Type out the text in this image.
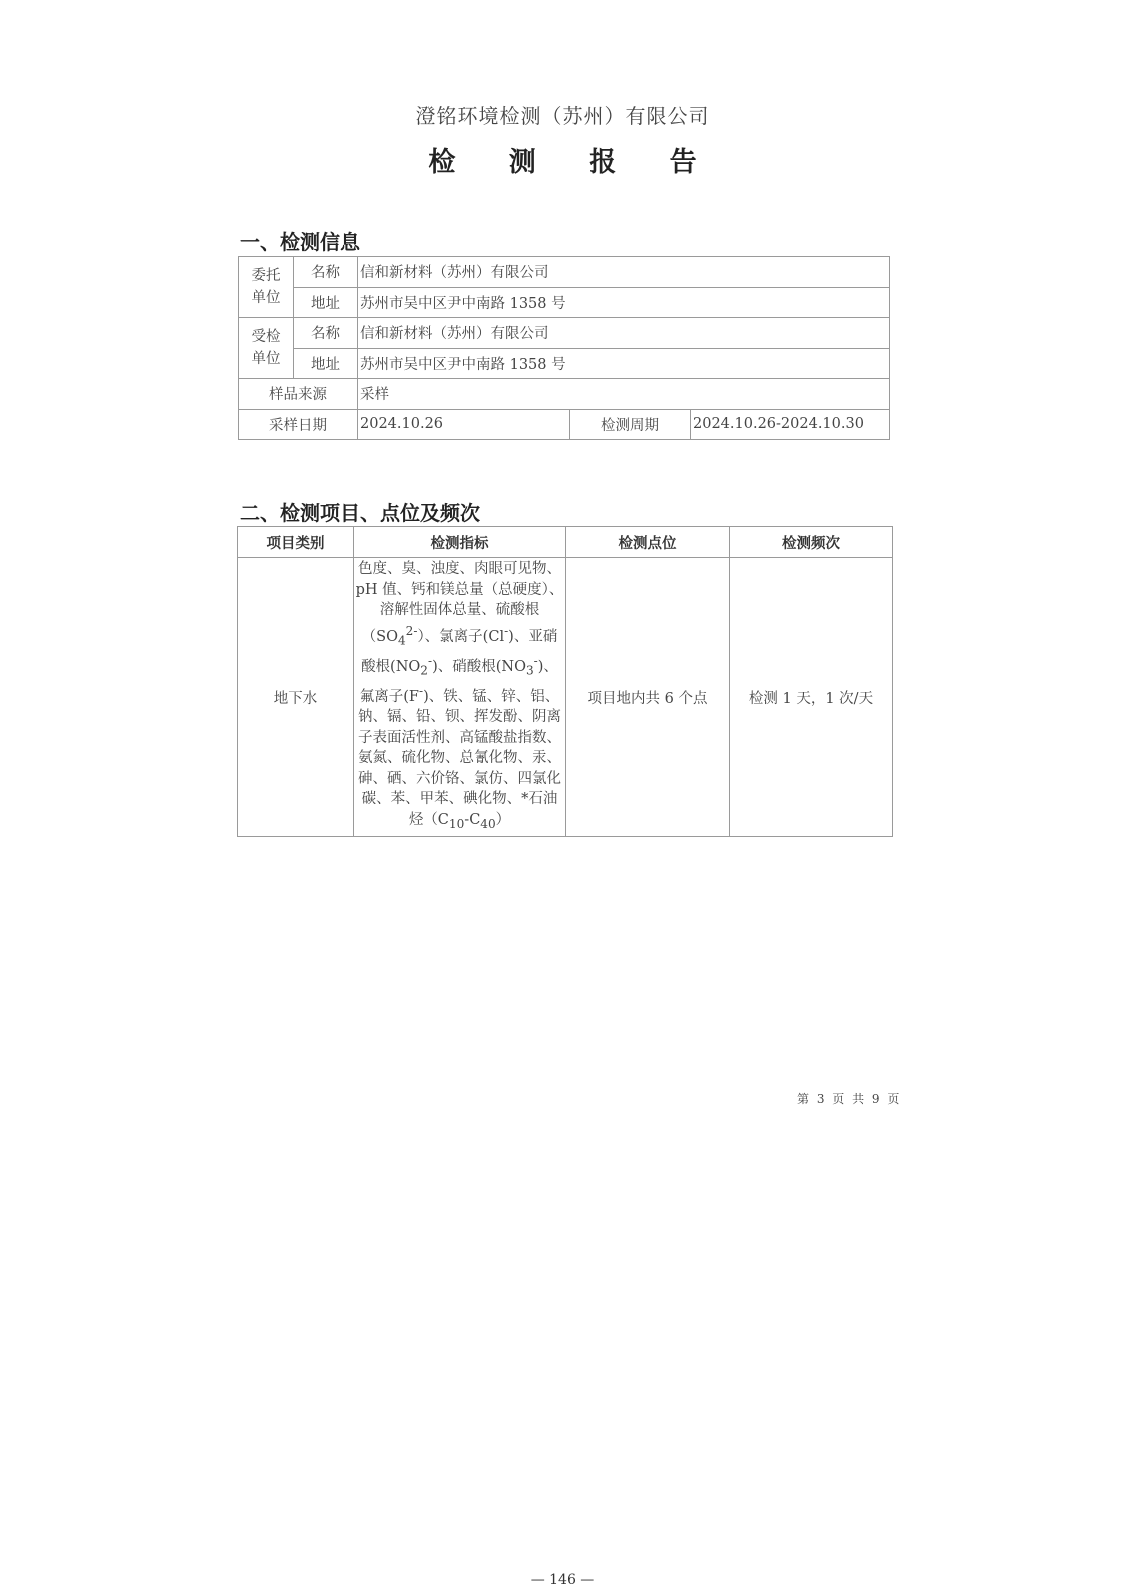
澄铭环境检测（苏州）有限公司
检 测 报 告
一、检测信息
委托
单位	名称	信和新材料（苏州）有限公司		
	地址	苏州市吴中区尹中南路 1358 号		
受检
单位	名称	信和新材料（苏州）有限公司		
	地址	苏州市吴中区尹中南路 1358 号		
样品来源		采样		
采样日期		2024.10.26	检测周期	2024.10.26-2024.10.30
二、检测项目、点位及频次
项目类别	检测指标	检测点位	检测频次
地下水	色度、臭、浊度、肉眼可见物、pH 值、钙和镁总量（总硬度）、溶解性固体总量、硫酸根$(SO_4^{2-})$、氯离子(Cl-)、亚硝酸根$(NO_2^-)$、硝酸根$(NO_3^-)$、氟离子(F-)、铁、锰、锌、铝、钠、镉、铅、钡、挥发酚、阴离子表面活性剂、高锰酸盐指数、氨氮、硫化物、总氰化物、汞、砷、硒、六价铬、氯仿、四氯化碳、苯、甲苯、碘化物、*石油烃$(C_{10}-C_{40})$	项目地内共 6 个点	检测 1 天，1 次/天
第 3 页 共 9 页
— 146 —
